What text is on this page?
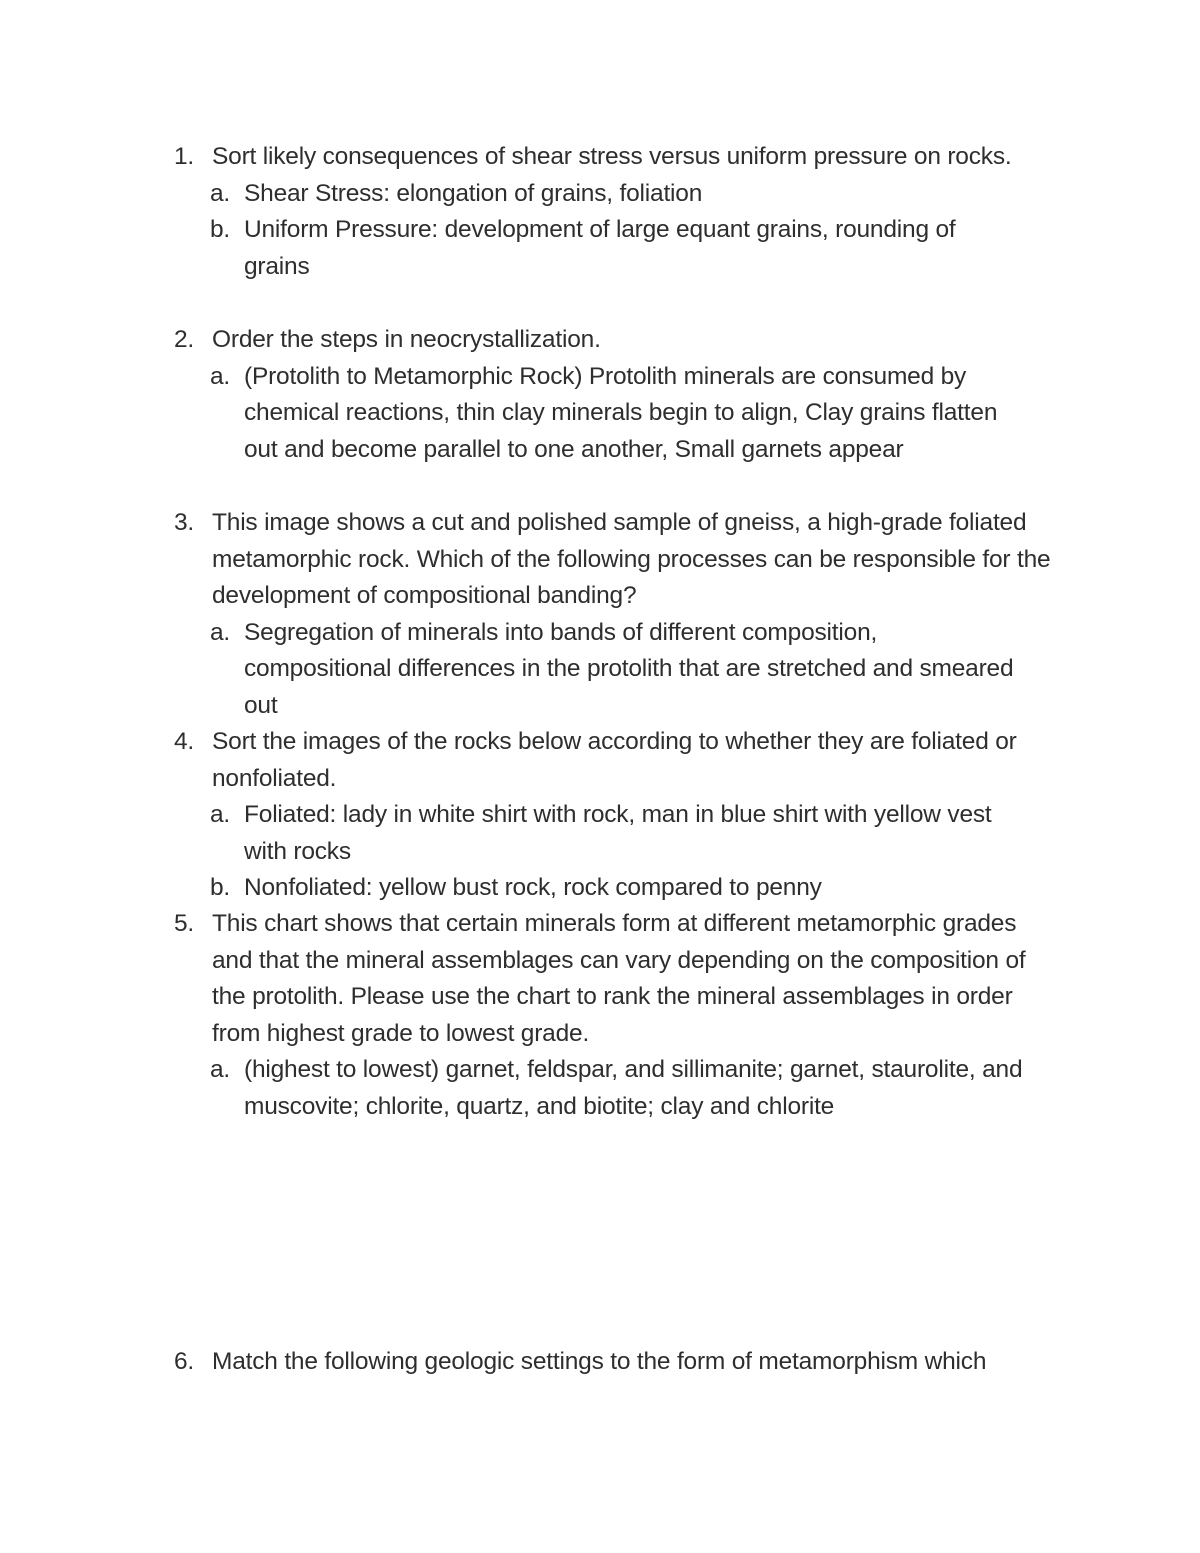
1. Sort likely consequences of shear stress versus uniform pressure on rocks.
a. Shear Stress: elongation of grains, foliation
b. Uniform Pressure: development of large equant grains, rounding of grains
2. Order the steps in neocrystallization.
a. (Protolith to Metamorphic Rock) Protolith minerals are consumed by chemical reactions, thin clay minerals begin to align, Clay grains flatten out and become parallel to one another, Small garnets appear
3. This image shows a cut and polished sample of gneiss, a high-grade foliated metamorphic rock. Which of the following processes can be responsible for the development of compositional banding?
a. Segregation of minerals into bands of different composition, compositional differences in the protolith that are stretched and smeared out
4. Sort the images of the rocks below according to whether they are foliated or nonfoliated.
a. Foliated: lady in white shirt with rock, man in blue shirt with yellow vest with rocks
b. Nonfoliated: yellow bust rock, rock compared to penny
5. This chart shows that certain minerals form at different metamorphic grades and that the mineral assemblages can vary depending on the composition of the protolith. Please use the chart to rank the mineral assemblages in order from highest grade to lowest grade.
a. (highest to lowest) garnet, feldspar, and sillimanite; garnet, staurolite, and muscovite; chlorite, quartz, and biotite; clay and chlorite
6. Match the following geologic settings to the form of metamorphism which
